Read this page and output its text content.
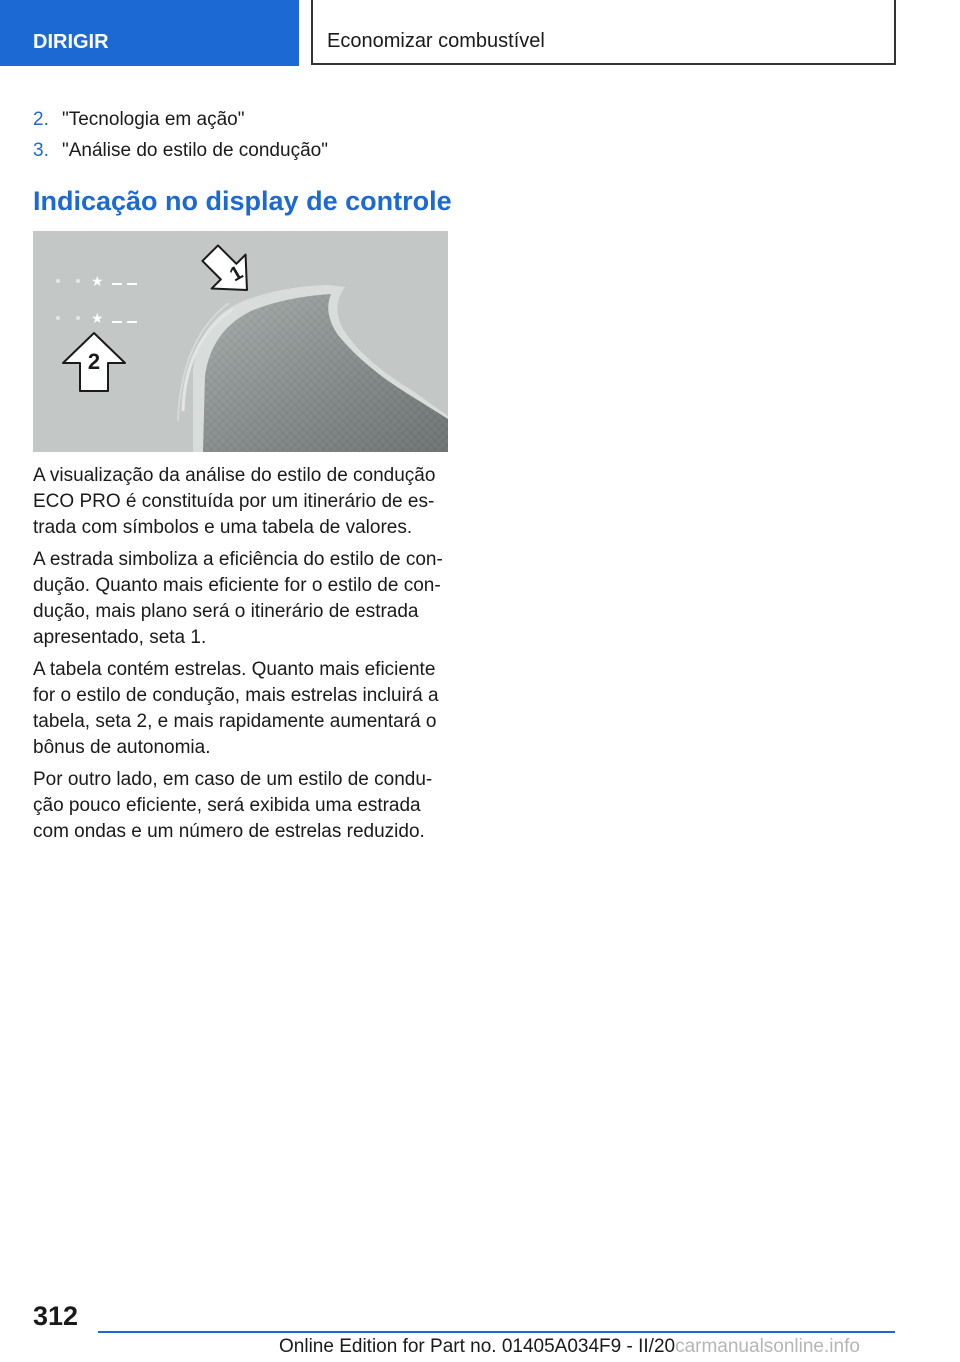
DIRIGIR	Economizar combustível
2. "Tecnologia em ação"
3. "Análise do estilo de condução"
Indicação no display de controle
★
★
1
2

A visualização da análise do estilo de condução
ECO PRO é constituída por um itinerário de es‐
trada com símbolos e uma tabela de valores.

A estrada simboliza a eficiência do estilo de con‐
dução. Quanto mais eficiente for o estilo de con‐
dução, mais plano será o itinerário de estrada
apresentado, seta 1.

A tabela contém estrelas. Quanto mais eficiente
for o estilo de condução, mais estrelas incluirá a
tabela, seta 2, e mais rapidamente aumentará o
bônus de autonomia.

Por outro lado, em caso de um estilo de condu‐
ção pouco eficiente, será exibida uma estrada
com ondas e um número de estrelas reduzido.

312
Online Edition for Part no. 01405A034F9 - II/20carmanualsonline.info
